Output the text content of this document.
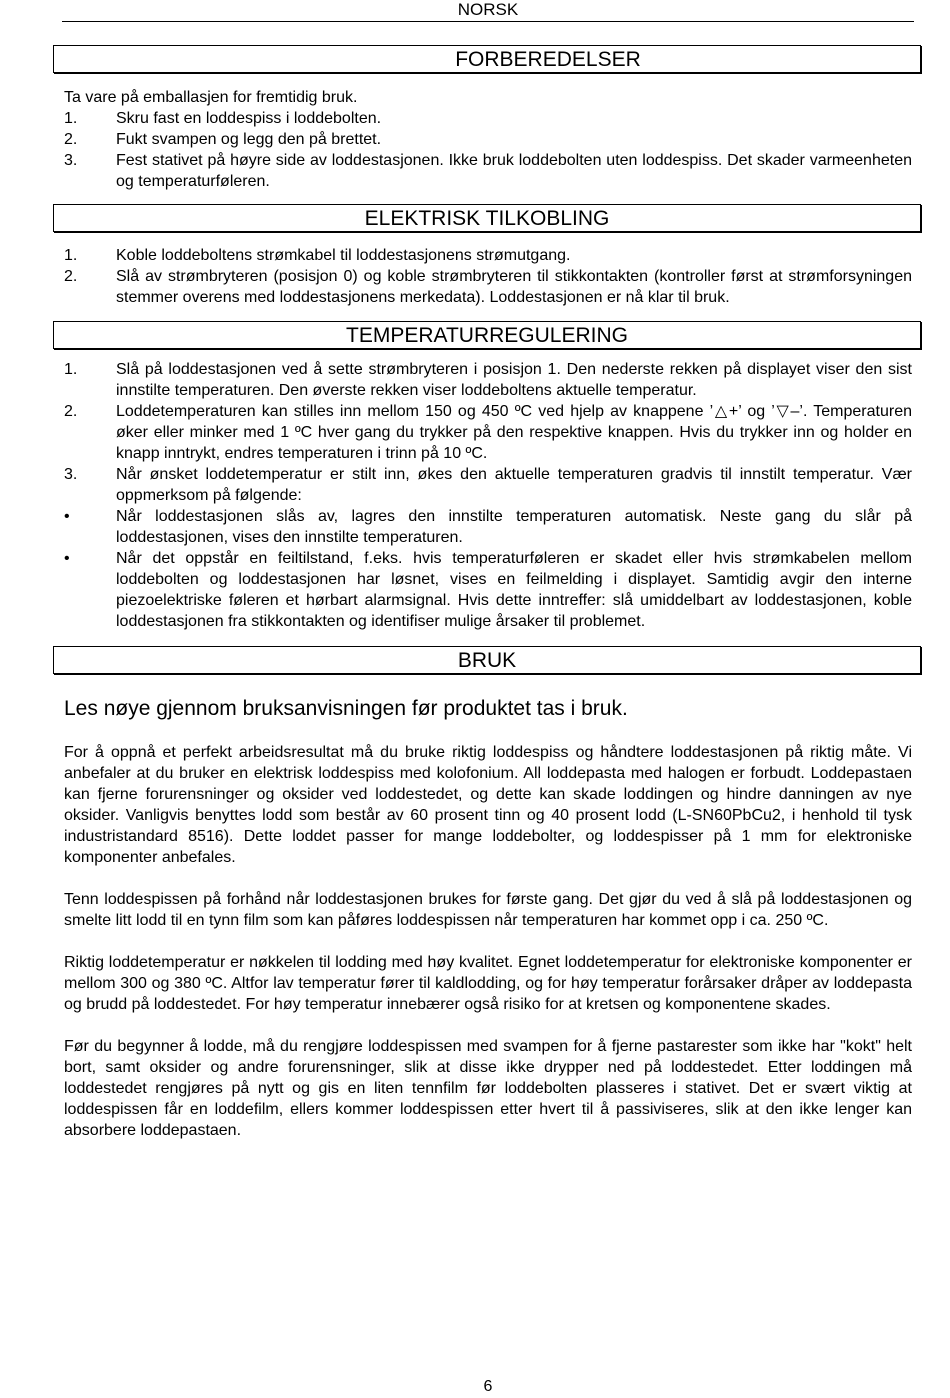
NORSK
FORBEREDELSER

Ta vare på emballasjen for fremtidig bruk.

1. Skru fast en loddespiss i loddebolten.
2. Fukt svampen og legg den på brettet.
3. Fest stativet på høyre side av loddestasjonen. Ikke bruk loddebolten uten loddespiss. Det skader varmeenheten og temperaturføleren.
ELEKTRISK TILKOBLING
1. Koble loddeboltens strømkabel til loddestasjonens strømutgang.
2. Slå av strømbryteren (posisjon 0) og koble strømbryteren til stikkontakten (kontroller først at strømforsyningen stemmer overens med loddestasjonens merkedata). Loddestasjonen er nå klar til bruk.
TEMPERATURREGULERING
1. Slå på loddestasjonen ved å sette strømbryteren i posisjon 1. Den nederste rekken på displayet viser den sist innstilte temperaturen. Den øverste rekken viser loddeboltens aktuelle temperatur.
2. Loddetemperaturen kan stilles inn mellom 150 og 450 ºC ved hjelp av knappene ’△+’ og ’▽–’. Temperaturen øker eller minker med 1 ºC hver gang du trykker på den respektive knappen. Hvis du trykker inn og holder en knapp inntrykt, endres temperaturen i trinn på 10 ºC.
3. Når ønsket loddetemperatur er stilt inn, økes den aktuelle temperaturen gradvis til innstilt temperatur. Vær oppmerksom på følgende:
•	Når loddestasjonen slås av, lagres den innstilte temperaturen automatisk. Neste gang du slår på loddestasjonen, vises den innstilte temperaturen.
•	Når det oppstår en feiltilstand, f.eks. hvis temperaturføleren er skadet eller hvis strømkabelen mellom loddebolten og loddestasjonen har løsnet, vises en feilmelding i displayet. Samtidig avgir den interne piezoelektriske føleren et hørbart alarmsignal. Hvis dette inntreffer: slå umiddelbart av loddestasjonen, koble loddestasjonen fra stikkontakten og identifiser mulige årsaker til problemet.
BRUK
Les nøye gjennom bruksanvisningen før produktet tas i bruk.

For å oppnå et perfekt arbeidsresultat må du bruke riktig loddespiss og håndtere loddestasjonen på riktig måte. Vi anbefaler at du bruker en elektrisk loddespiss med kolofonium. All loddepasta med halogen er forbudt. Loddepastaen kan fjerne forurensninger og oksider ved loddestedet, og dette kan skade loddingen og hindre danningen av nye oksider. Vanligvis benyttes lodd som består av 60 prosent tinn og 40 prosent lodd (L-SN60PbCu2, i henhold til tysk industristandard 8516). Dette loddet passer for mange loddebolter, og loddespisser på 1 mm for elektroniske komponenter anbefales.

Tenn loddespissen på forhånd når loddestasjonen brukes for første gang. Det gjør du ved å slå på loddestasjonen og smelte litt lodd til en tynn film som kan påføres loddespissen når temperaturen har kommet opp i ca. 250 ºC.

Riktig loddetemperatur er nøkkelen til lodding med høy kvalitet. Egnet loddetemperatur for elektroniske komponenter er mellom 300 og 380 ºC. Altfor lav temperatur fører til kaldlodding, og for høy temperatur forårsaker dråper av loddepasta og brudd på loddestedet. For høy temperatur innebærer også risiko for at kretsen og komponentene skades.

Før du begynner å lodde, må du rengjøre loddespissen med svampen for å fjerne pastarester som ikke har "kokt" helt bort, samt oksider og andre forurensninger, slik at disse ikke drypper ned på loddestedet. Etter loddingen må loddestedet rengjøres på nytt og gis en liten tennfilm før loddebolten plasseres i stativet. Det er svært viktig at loddespissen får en loddefilm, ellers kommer loddespissen etter hvert til å passiviseres, slik at den ikke lenger kan absorbere loddepastaen.

6
